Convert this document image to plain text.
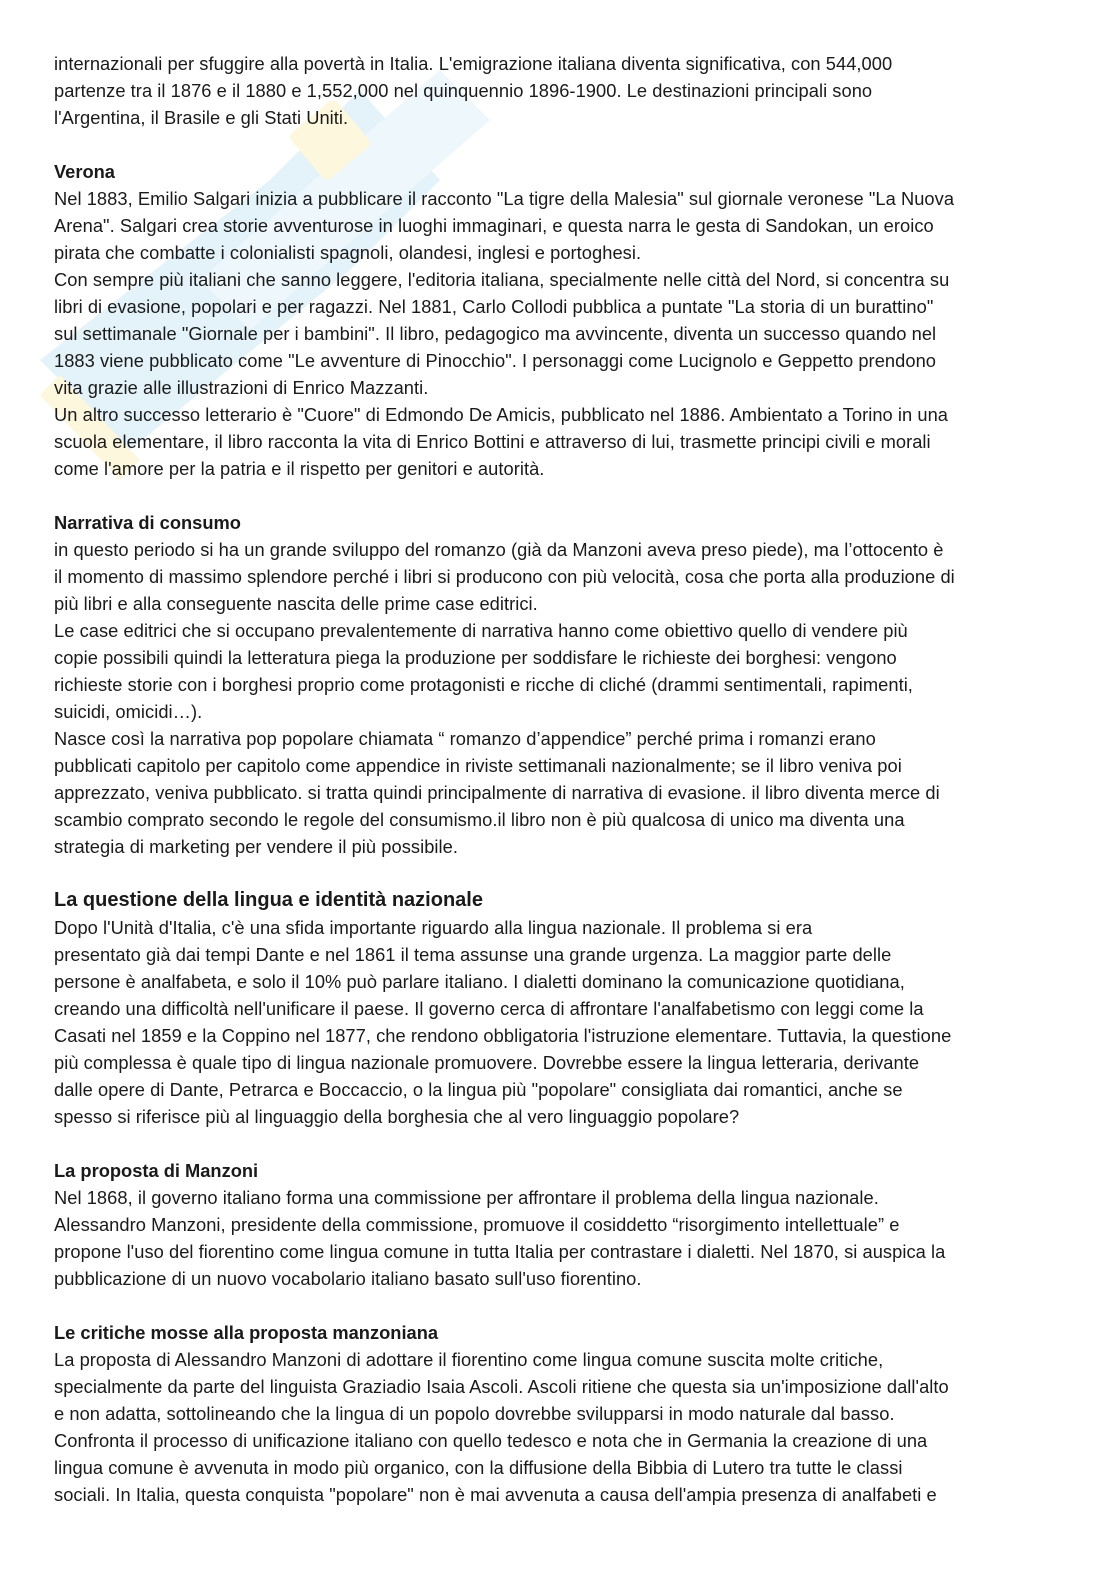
internazionali per sfuggire alla povertà in Italia. L'emigrazione italiana diventa significativa, con 544,000

partenze tra il 1876 e il 1880 e 1,552,000 nel quinquennio 1896-1900. Le destinazioni principali sono

l'Argentina, il Brasile e gli Stati Uniti.

Verona

Nel 1883, Emilio Salgari inizia a pubblicare il racconto "La tigre della Malesia" sul giornale veronese "La Nuova

Arena". Salgari crea storie avventurose in luoghi immaginari, e questa narra le gesta di Sandokan, un eroico

pirata che combatte i colonialisti spagnoli, olandesi, inglesi e portoghesi.

Con sempre più italiani che sanno leggere, l'editoria italiana, specialmente nelle città del Nord, si concentra su

libri di evasione, popolari e per ragazzi. Nel 1881, Carlo Collodi pubblica a puntate "La storia di un burattino"

sul settimanale "Giornale per i bambini". Il libro, pedagogico ma avvincente, diventa un successo quando nel

1883 viene pubblicato come "Le avventure di Pinocchio". I personaggi come Lucignolo e Geppetto prendono

vita grazie alle illustrazioni di Enrico Mazzanti.

Un altro successo letterario è "Cuore" di Edmondo De Amicis, pubblicato nel 1886. Ambientato a Torino in una

scuola elementare, il libro racconta la vita di Enrico Bottini e attraverso di lui, trasmette principi civili e morali

come l'amore per la patria e il rispetto per genitori e autorità.

Narrativa di consumo

in questo periodo si ha un grande sviluppo del romanzo (già da Manzoni aveva preso piede), ma l’ottocento è

il momento di massimo splendore perché i libri si producono con più velocità, cosa che porta alla produzione di

più libri e alla conseguente nascita delle prime case editrici.

Le case editrici che si occupano prevalentemente di narrativa hanno come obiettivo quello di vendere più

copie possibili quindi la letteratura piega la produzione per soddisfare le richieste dei borghesi: vengono

richieste storie con i borghesi proprio come protagonisti e ricche di cliché (drammi sentimentali, rapimenti,

suicidi, omicidi…).

Nasce così la narrativa pop popolare chiamata “ romanzo d’appendice” perché prima i romanzi erano

pubblicati capitolo per capitolo come appendice in riviste settimanali nazionalmente; se il libro veniva poi

apprezzato, veniva pubblicato. si tratta quindi principalmente di narrativa di evasione. il libro diventa merce di

scambio comprato secondo le regole del consumismo.il libro non è più qualcosa di unico ma diventa una

strategia di marketing per vendere il più possibile.

La questione della lingua e identità nazionale

Dopo l'Unità d'Italia, c'è una sfida importante riguardo alla lingua nazionale. Il problema si era

presentato già dai tempi Dante e nel 1861 il tema assunse una grande urgenza. La maggior parte delle

persone è analfabeta, e solo il 10% può parlare italiano. I dialetti dominano la comunicazione quotidiana,

creando una difficoltà nell'unificare il paese. Il governo cerca di affrontare l'analfabetismo con leggi come la

Casati nel 1859 e la Coppino nel 1877, che rendono obbligatoria l'istruzione elementare. Tuttavia, la questione

più complessa è quale tipo di lingua nazionale promuovere. Dovrebbe essere la lingua letteraria, derivante

dalle opere di Dante, Petrarca e Boccaccio, o la lingua più "popolare" consigliata dai romantici, anche se

spesso si riferisce più al linguaggio della borghesia che al vero linguaggio popolare?

La proposta di Manzoni

Nel 1868, il governo italiano forma una commissione per affrontare il problema della lingua nazionale.

Alessandro Manzoni, presidente della commissione, promuove il cosiddetto “risorgimento intellettuale” e

propone l'uso del fiorentino come lingua comune in tutta Italia per contrastare i dialetti. Nel 1870, si auspica la

pubblicazione di un nuovo vocabolario italiano basato sull'uso fiorentino.

Le critiche mosse alla proposta manzoniana

La proposta di Alessandro Manzoni di adottare il fiorentino come lingua comune suscita molte critiche,

specialmente da parte del linguista Graziadio Isaia Ascoli. Ascoli ritiene che questa sia un'imposizione dall'alto

e non adatta, sottolineando che la lingua di un popolo dovrebbe svilupparsi in modo naturale dal basso.

Confronta il processo di unificazione italiano con quello tedesco e nota che in Germania la creazione di una

lingua comune è avvenuta in modo più organico, con la diffusione della Bibbia di Lutero tra tutte le classi

sociali. In Italia, questa conquista "popolare" non è mai avvenuta a causa dell'ampia presenza di analfabeti e
